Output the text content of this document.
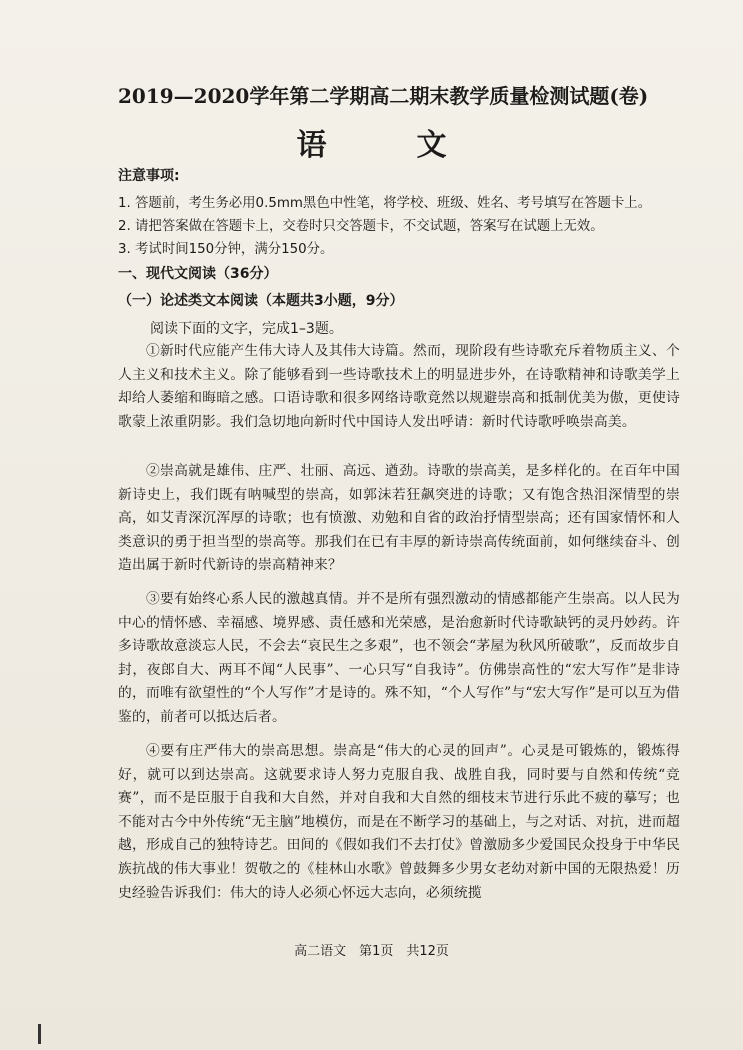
2019—2020学年第二学期高二期末教学质量检测试题(卷)
语　文
注意事项:
1. 答题前，考生务必用0.5mm黑色中性笔，将学校、班级、姓名、考号填写在答题卡上。
2. 请把答案做在答题卡上，交卷时只交答题卡，不交试题，答案写在试题上无效。
3. 考试时间150分钟，满分150分。
一、现代文阅读（36分）
（一）论述类文本阅读（本题共3小题，9分）
阅读下面的文字，完成1–3题。
①新时代应能产生伟大诗人及其伟大诗篇。然而，现阶段有些诗歌充斥着物质主义、个人主义和技术主义。除了能够看到一些诗歌技术上的明显进步外，在诗歌精神和诗歌美学上却给人萎缩和晦暗之感。口语诗歌和很多网络诗歌竟然以规避崇高和抵制优美为傲，更使诗歌蒙上浓重阴影。我们急切地向新时代中国诗人发出呼请：新时代诗歌呼唤崇高美。
②崇高就是雄伟、庄严、壮丽、高远、遒劲。诗歌的崇高美，是多样化的。在百年中国新诗史上，我们既有呐喊型的崇高，如郭沫若狂飙突进的诗歌；又有饱含热泪深情型的崇高，如艾青深沉浑厚的诗歌；也有愤激、劝勉和自省的政治抒情型崇高；还有国家情怀和人类意识的勇于担当型的崇高等。那我们在已有丰厚的新诗崇高传统面前，如何继续奋斗、创造出属于新时代新诗的崇高精神来？
③要有始终心系人民的激越真情。并不是所有强烈激动的情感都能产生崇高。以人民为中心的情怀感、幸福感、境界感、责任感和光荣感，是治愈新时代诗歌缺钙的灵丹妙药。许多诗歌故意淡忘人民，不会去“哀民生之多艰”，也不领会“茅屋为秋风所破歌”，反而故步自封，夜郎自大、两耳不闻“人民事”、一心只写“自我诗”。仿佛崇高性的“宏大写作”是非诗的，而唯有欲望性的“个人写作”才是诗的。殊不知，“个人写作”与“宏大写作”是可以互为借鉴的，前者可以抵达后者。
④要有庄严伟大的崇高思想。崇高是“伟大的心灵的回声”。心灵是可锻炼的，锻炼得好，就可以到达崇高。这就要求诗人努力克服自我、战胜自我，同时要与自然和传统“竞赛”，而不是臣服于自我和大自然，并对自我和大自然的细枝末节进行乐此不疲的摹写；也不能对古今中外传统“无主脑”地模仿，而是在不断学习的基础上，与之对话、对抗，进而超越，形成自己的独特诗艺。田间的《假如我们不去打仗》曾激励多少爱国民众投身于中华民族抗战的伟大事业！贺敬之的《桂林山水歌》曾鼓舞多少男女老幼对新中国的无限热爱！历史经验告诉我们：伟大的诗人必须心怀远大志向，必须统揽
高二语文　第1页　共12页
